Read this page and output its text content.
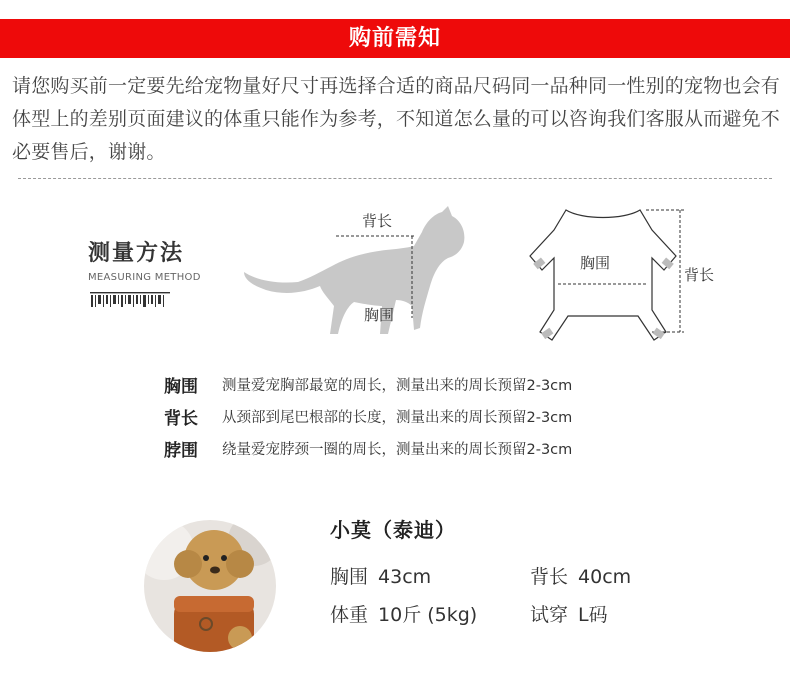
购前需知
请您购买前一定要先给宠物量好尺寸再选择合适的商品尺码同一品种同一性别的宠物也会有体型上的差别页面建议的体重只能作为参考，不知道怎么量的可以咨询我们客服从而避免不必要售后，谢谢。
测量方法
MEASURING METHOD
背长
胸围
胸围
背长
胸围	测量爱宠胸部最宽的周长，测量出来的周长预留2-3cm
背长	从颈部到尾巴根部的长度，测量出来的周长预留2-3cm
脖围	绕量爱宠脖颈一圈的周长，测量出来的周长预留2-3cm
小莫（泰迪）
胸围 43cm	背长 40cm
体重 10斤 (5kg)	试穿 L码
